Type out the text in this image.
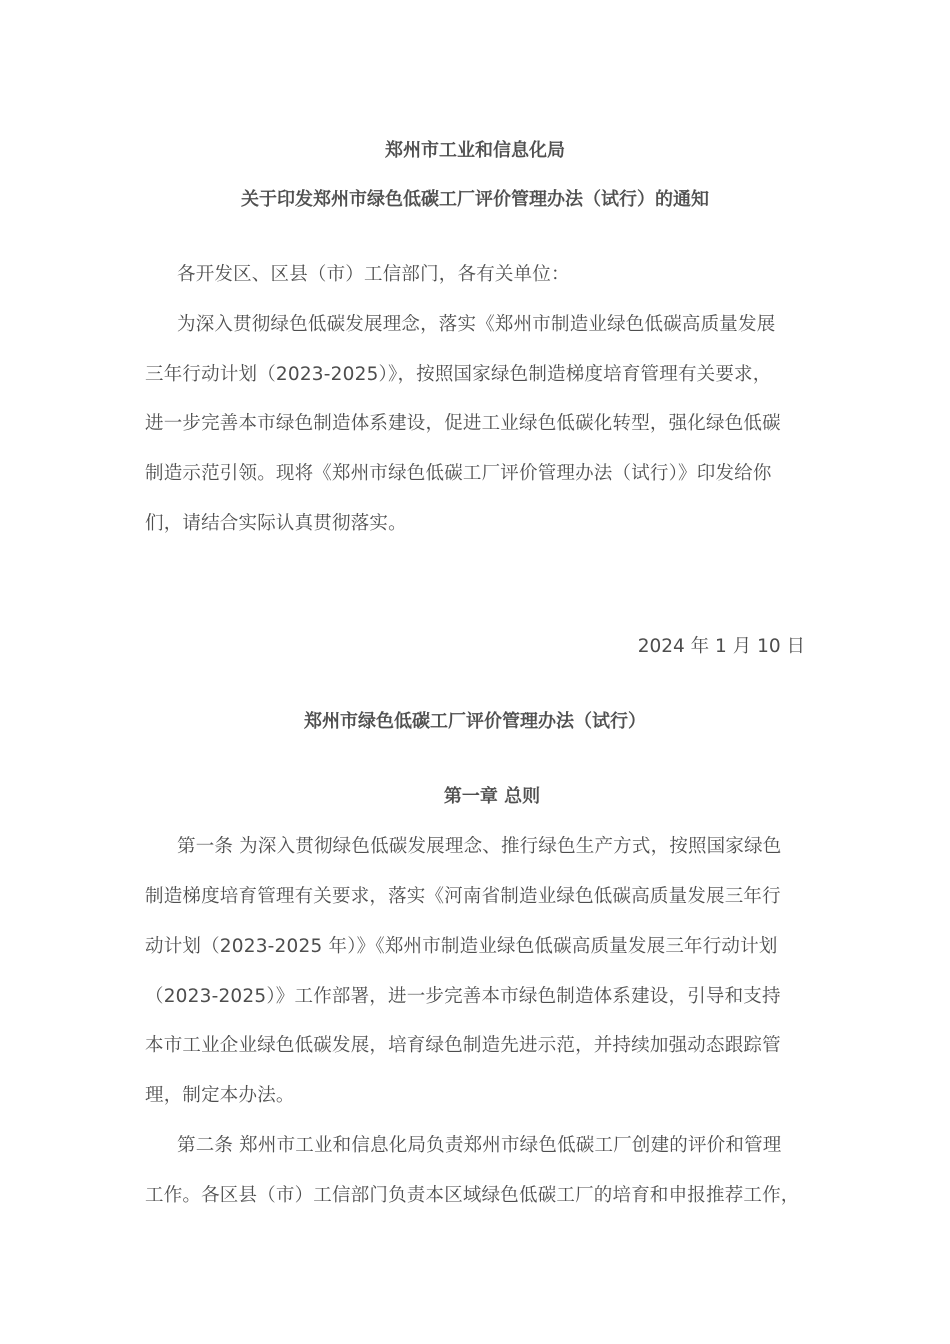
郑州市工业和信息化局
关于印发郑州市绿色低碳工厂评价管理办法（试行）的通知
各开发区、区县（市）工信部门，各有关单位：
为深入贯彻绿色低碳发展理念，落实《郑州市制造业绿色低碳高质量发展
三年行动计划（2023-2025）》，按照国家绿色制造梯度培育管理有关要求，
进一步完善本市绿色制造体系建设，促进工业绿色低碳化转型，强化绿色低碳
制造示范引领。现将《郑州市绿色低碳工厂评价管理办法（试行）》印发给你
们，请结合实际认真贯彻落实。
2024 年 1 月 10 日
郑州市绿色低碳工厂评价管理办法（试行）
第一章 总则
第一条 为深入贯彻绿色低碳发展理念、推行绿色生产方式，按照国家绿色
制造梯度培育管理有关要求，落实《河南省制造业绿色低碳高质量发展三年行
动计划（2023-2025 年）》《郑州市制造业绿色低碳高质量发展三年行动计划
（2023-2025）》工作部署，进一步完善本市绿色制造体系建设，引导和支持
本市工业企业绿色低碳发展，培育绿色制造先进示范，并持续加强动态跟踪管
理，制定本办法。
第二条 郑州市工业和信息化局负责郑州市绿色低碳工厂创建的评价和管理
工作。各区县（市）工信部门负责本区域绿色低碳工厂的培育和申报推荐工作，
